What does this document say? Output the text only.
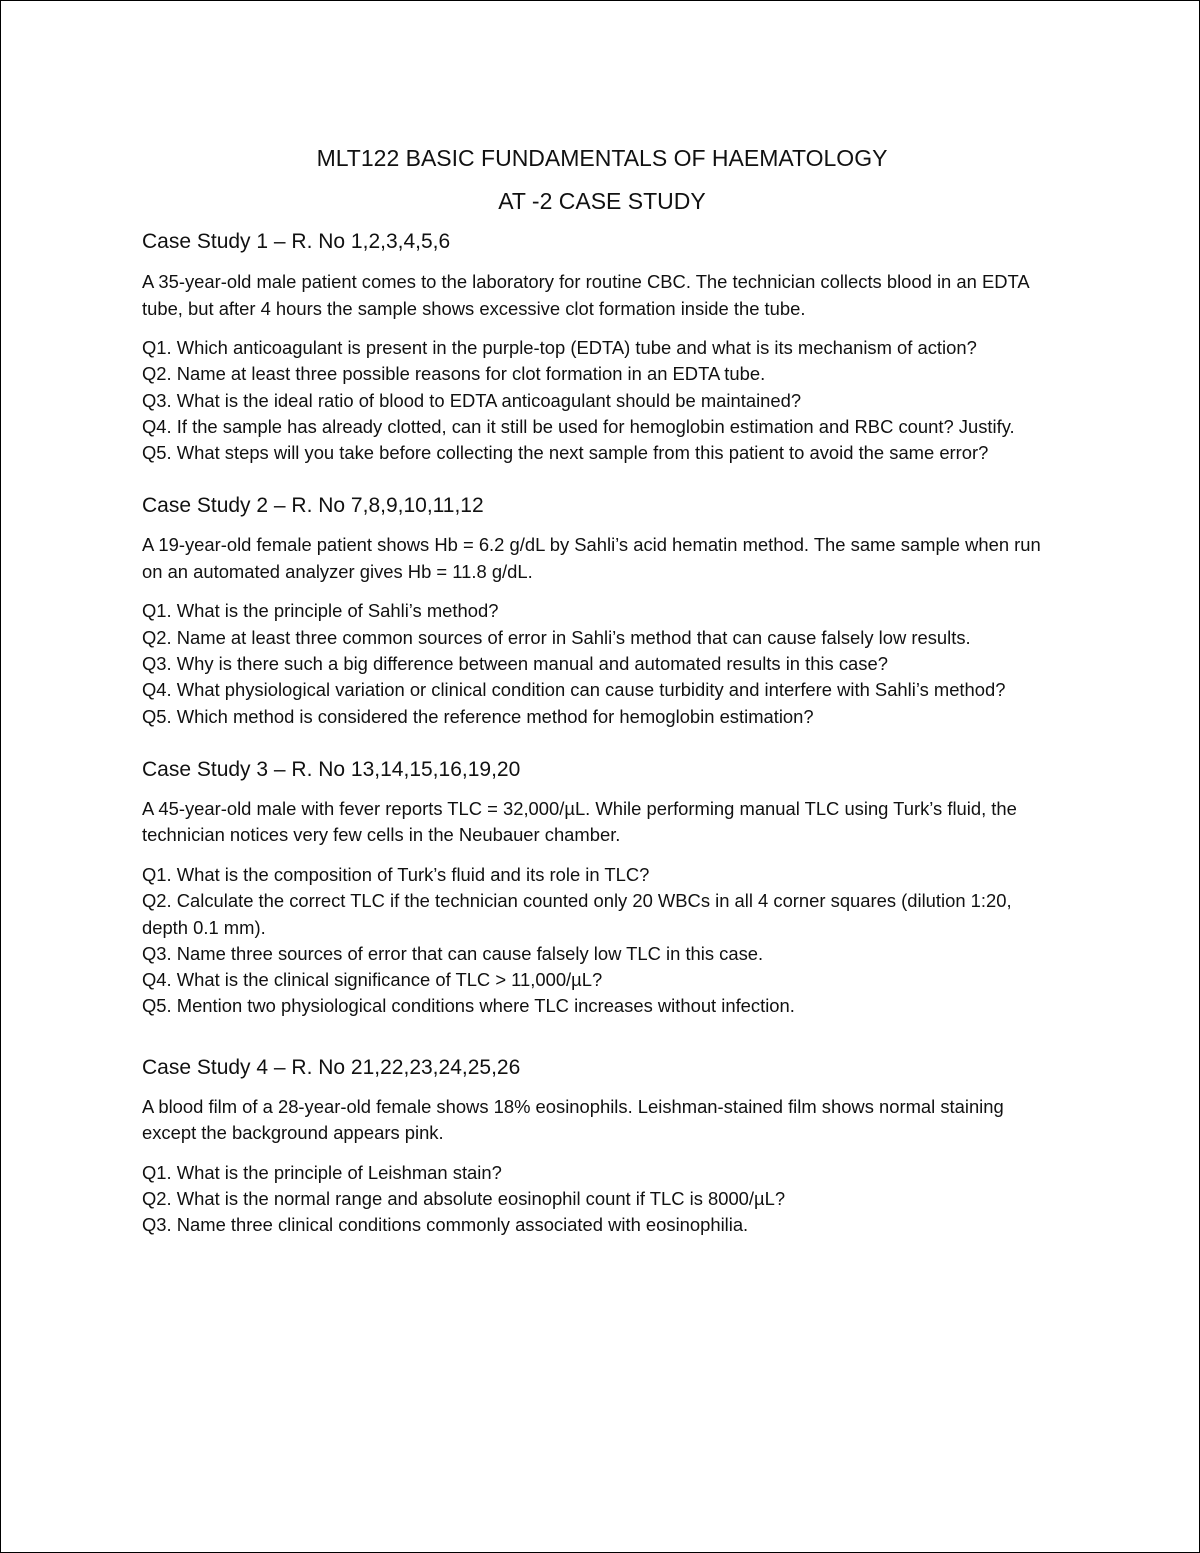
MLT122 BASIC FUNDAMENTALS OF HAEMATOLOGY
AT -2 CASE STUDY
Case Study 1 – R. No 1,2,3,4,5,6

A 35-year-old male patient comes to the laboratory for routine CBC. The technician collects blood in an EDTA tube, but after 4 hours the sample shows excessive clot formation inside the tube.

Q1. Which anticoagulant is present in the purple-top (EDTA) tube and what is its mechanism of action?
Q2. Name at least three possible reasons for clot formation in an EDTA tube.
Q3. What is the ideal ratio of blood to EDTA anticoagulant should be maintained?
Q4. If the sample has already clotted, can it still be used for hemoglobin estimation and RBC count? Justify.
Q5. What steps will you take before collecting the next sample from this patient to avoid the same error?
Case Study 2 – R. No 7,8,9,10,11,12

A 19-year-old female patient shows Hb = 6.2 g/dL by Sahli’s acid hematin method. The same sample when run on an automated analyzer gives Hb = 11.8 g/dL.

Q1. What is the principle of Sahli’s method?
Q2. Name at least three common sources of error in Sahli’s method that can cause falsely low results.
Q3. Why is there such a big difference between manual and automated results in this case?
Q4. What physiological variation or clinical condition can cause turbidity and interfere with Sahli’s method?
Q5. Which method is considered the reference method for hemoglobin estimation?
Case Study 3 – R. No 13,14,15,16,19,20

A 45-year-old male with fever reports TLC = 32,000/µL. While performing manual TLC using Turk’s fluid, the technician notices very few cells in the Neubauer chamber.

Q1. What is the composition of Turk’s fluid and its role in TLC?
Q2. Calculate the correct TLC if the technician counted only 20 WBCs in all 4 corner squares (dilution 1:20, depth 0.1 mm).
Q3. Name three sources of error that can cause falsely low TLC in this case.
Q4. What is the clinical significance of TLC > 11,000/µL?
Q5. Mention two physiological conditions where TLC increases without infection.
Case Study 4 – R. No 21,22,23,24,25,26

A blood film of a 28-year-old female shows 18% eosinophils. Leishman-stained film shows normal staining except the background appears pink.

Q1. What is the principle of Leishman stain?
Q2. What is the normal range and absolute eosinophil count if TLC is 8000/µL?
Q3. Name three clinical conditions commonly associated with eosinophilia.
